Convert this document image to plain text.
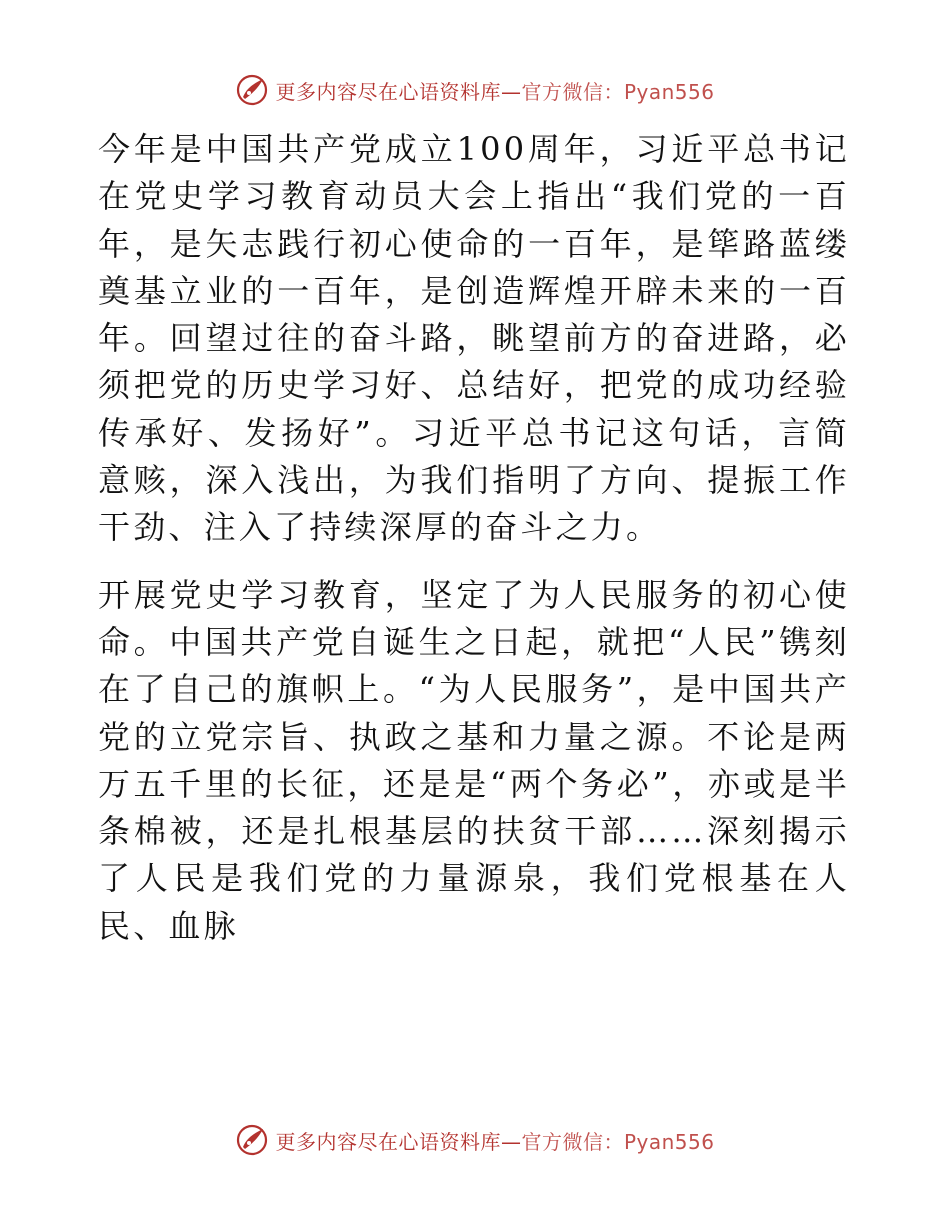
更多内容尽在心语资料库—官方微信：Pyan556

今年是中国共产党成立100周年，习近平总书记在党史学习教育动员大会上指出“我们党的一百年，是矢志践行初心使命的一百年，是筚路蓝缕奠基立业的一百年，是创造辉煌开辟未来的一百年。回望过往的奋斗路，眺望前方的奋进路，必须把党的历史学习好、总结好，把党的成功经验传承好、发扬好”。习近平总书记这句话，言简意赅，深入浅出，为我们指明了方向、提振工作干劲、注入了持续深厚的奋斗之力。

开展党史学习教育，坚定了为人民服务的初心使命。中国共产党自诞生之日起，就把“人民”镌刻在了自己的旗帜上。“为人民服务”，是中国共产党的立党宗旨、执政之基和力量之源。不论是两万五千里的长征，还是是“两个务必”，亦或是半条棉被，还是扎根基层的扶贫干部……深刻揭示了人民是我们党的力量源泉，我们党根基在人民、血脉

更多内容尽在心语资料库—官方微信：Pyan556
